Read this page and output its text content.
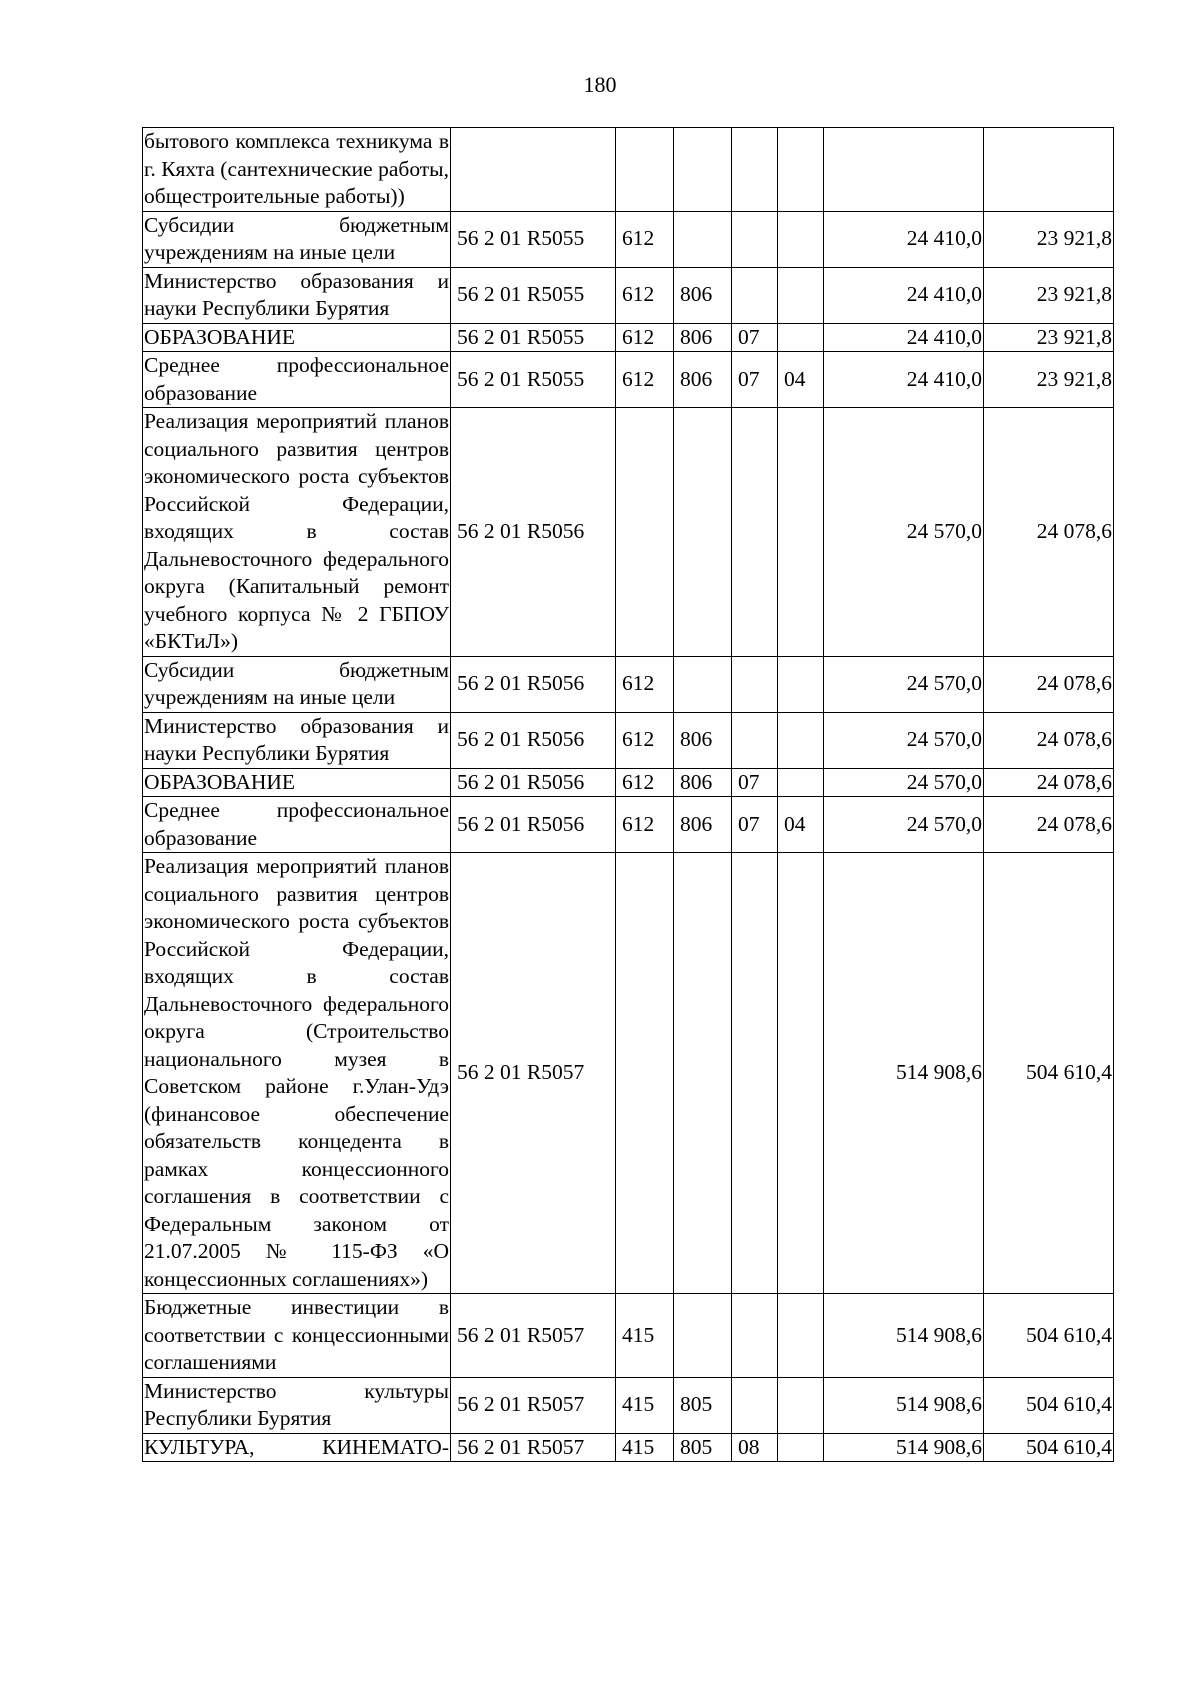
180
бытового комплекса техникума в г. Кяхта (сантехнические работы, общестроительные работы))							
Субсидии бюджетным учреждениям на иные цели	56 2 01 R5055	612				24 410,0	23 921,8
Министерство образования и науки Республики Бурятия	56 2 01 R5055	612	806			24 410,0	23 921,8
ОБРАЗОВАНИЕ	56 2 01 R5055	612	806	07		24 410,0	23 921,8
Среднее профессиональное образование	56 2 01 R5055	612	806	07	04	24 410,0	23 921,8
Реализация мероприятий планов социального развития центров экономического роста субъектов Российской Федерации, входящих в состав Дальневосточного федерального округа (Капитальный ремонт учебного корпуса № 2 ГБПОУ «БКТиЛ»)	56 2 01 R5056					24 570,0	24 078,6
Субсидии бюджетным учреждениям на иные цели	56 2 01 R5056	612				24 570,0	24 078,6
Министерство образования и науки Республики Бурятия	56 2 01 R5056	612	806			24 570,0	24 078,6
ОБРАЗОВАНИЕ	56 2 01 R5056	612	806	07		24 570,0	24 078,6
Среднее профессиональное образование	56 2 01 R5056	612	806	07	04	24 570,0	24 078,6
Реализация мероприятий планов социального развития центров экономического роста субъектов Российской Федерации, входящих в состав Дальневосточного федерального округа (Строительство национального музея в Советском районе г.Улан-Удэ (финансовое обеспечение обязательств концедента в рамках концессионного соглашения в соответствии с Федеральным законом от 21.07.2005 № 115-ФЗ «О концессионных соглашениях»)	56 2 01 R5057					514 908,6	504 610,4
Бюджетные инвестиции в соответствии с концессионными соглашениями	56 2 01 R5057	415				514 908,6	504 610,4
Министерство культуры Республики Бурятия	56 2 01 R5057	415	805			514 908,6	504 610,4
КУЛЬТУРА, КИНЕМАТО-	56 2 01 R5057	415	805	08		514 908,6	504 610,4
